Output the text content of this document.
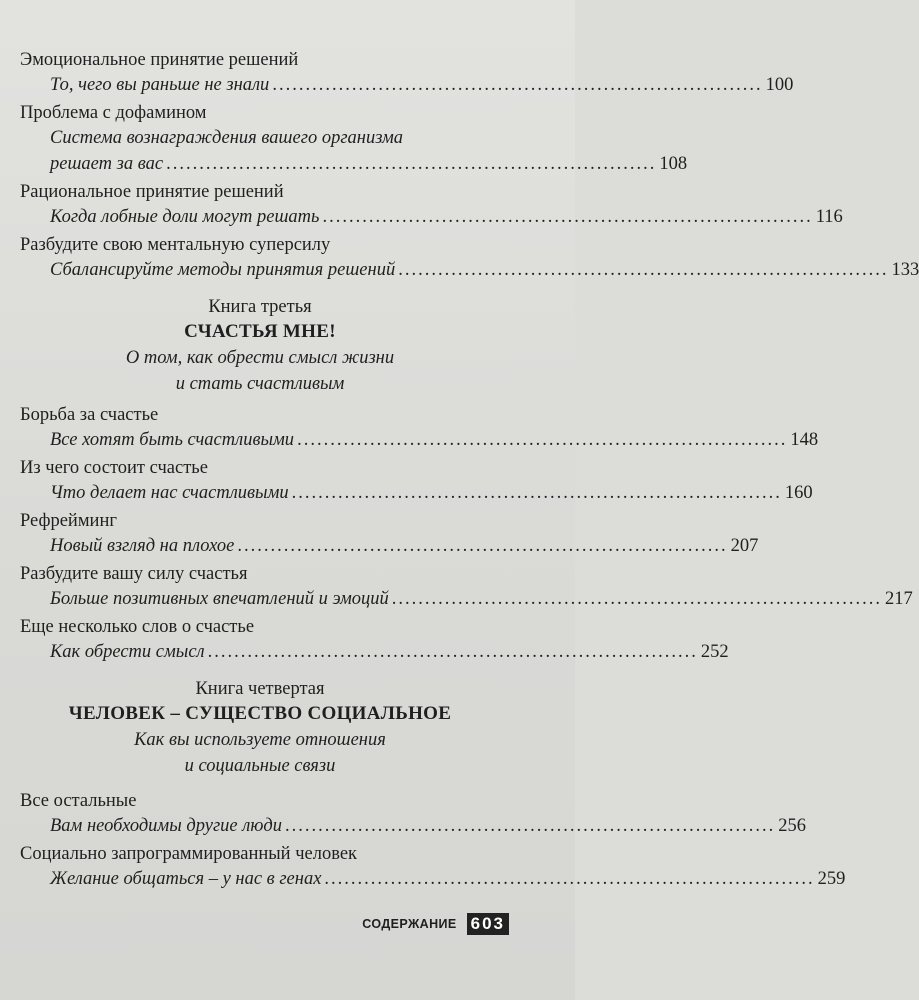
Эмоциональное принятие решений
То, чего вы раньше не знали .......................................................................... 100
Проблема с дофамином
Система вознаграждения вашего организма
решает за вас .......................................................................... 108
Рациональное принятие решений
Когда лобные доли могут решать .......................................................................... 116
Разбудите свою ментальную суперсилу
Сбалансируйте методы принятия решений .......................................................................... 133
Книга третья
СЧАСТЬЯ МНЕ!
О том, как обрести смысл жизни
и стать счастливым
Борьба за счастье
Все хотят быть счастливыми .......................................................................... 148
Из чего состоит счастье
Что делает нас счастливыми .......................................................................... 160
Рефрейминг
Новый взгляд на плохое .......................................................................... 207
Разбудите вашу силу счастья
Больше позитивных впечатлений и эмоций .......................................................................... 217
Еще несколько слов о счастье
Как обрести смысл .......................................................................... 252
Книга четвертая
ЧЕЛОВЕК – СУЩЕСТВО СОЦИАЛЬНОЕ
Как вы используете отношения
и социальные связи
Все остальные
Вам необходимы другие люди .......................................................................... 256
Социально запрограммированный человек
Желание общаться – у нас в генах .......................................................................... 259
СОДЕРЖАНИЕ 603
